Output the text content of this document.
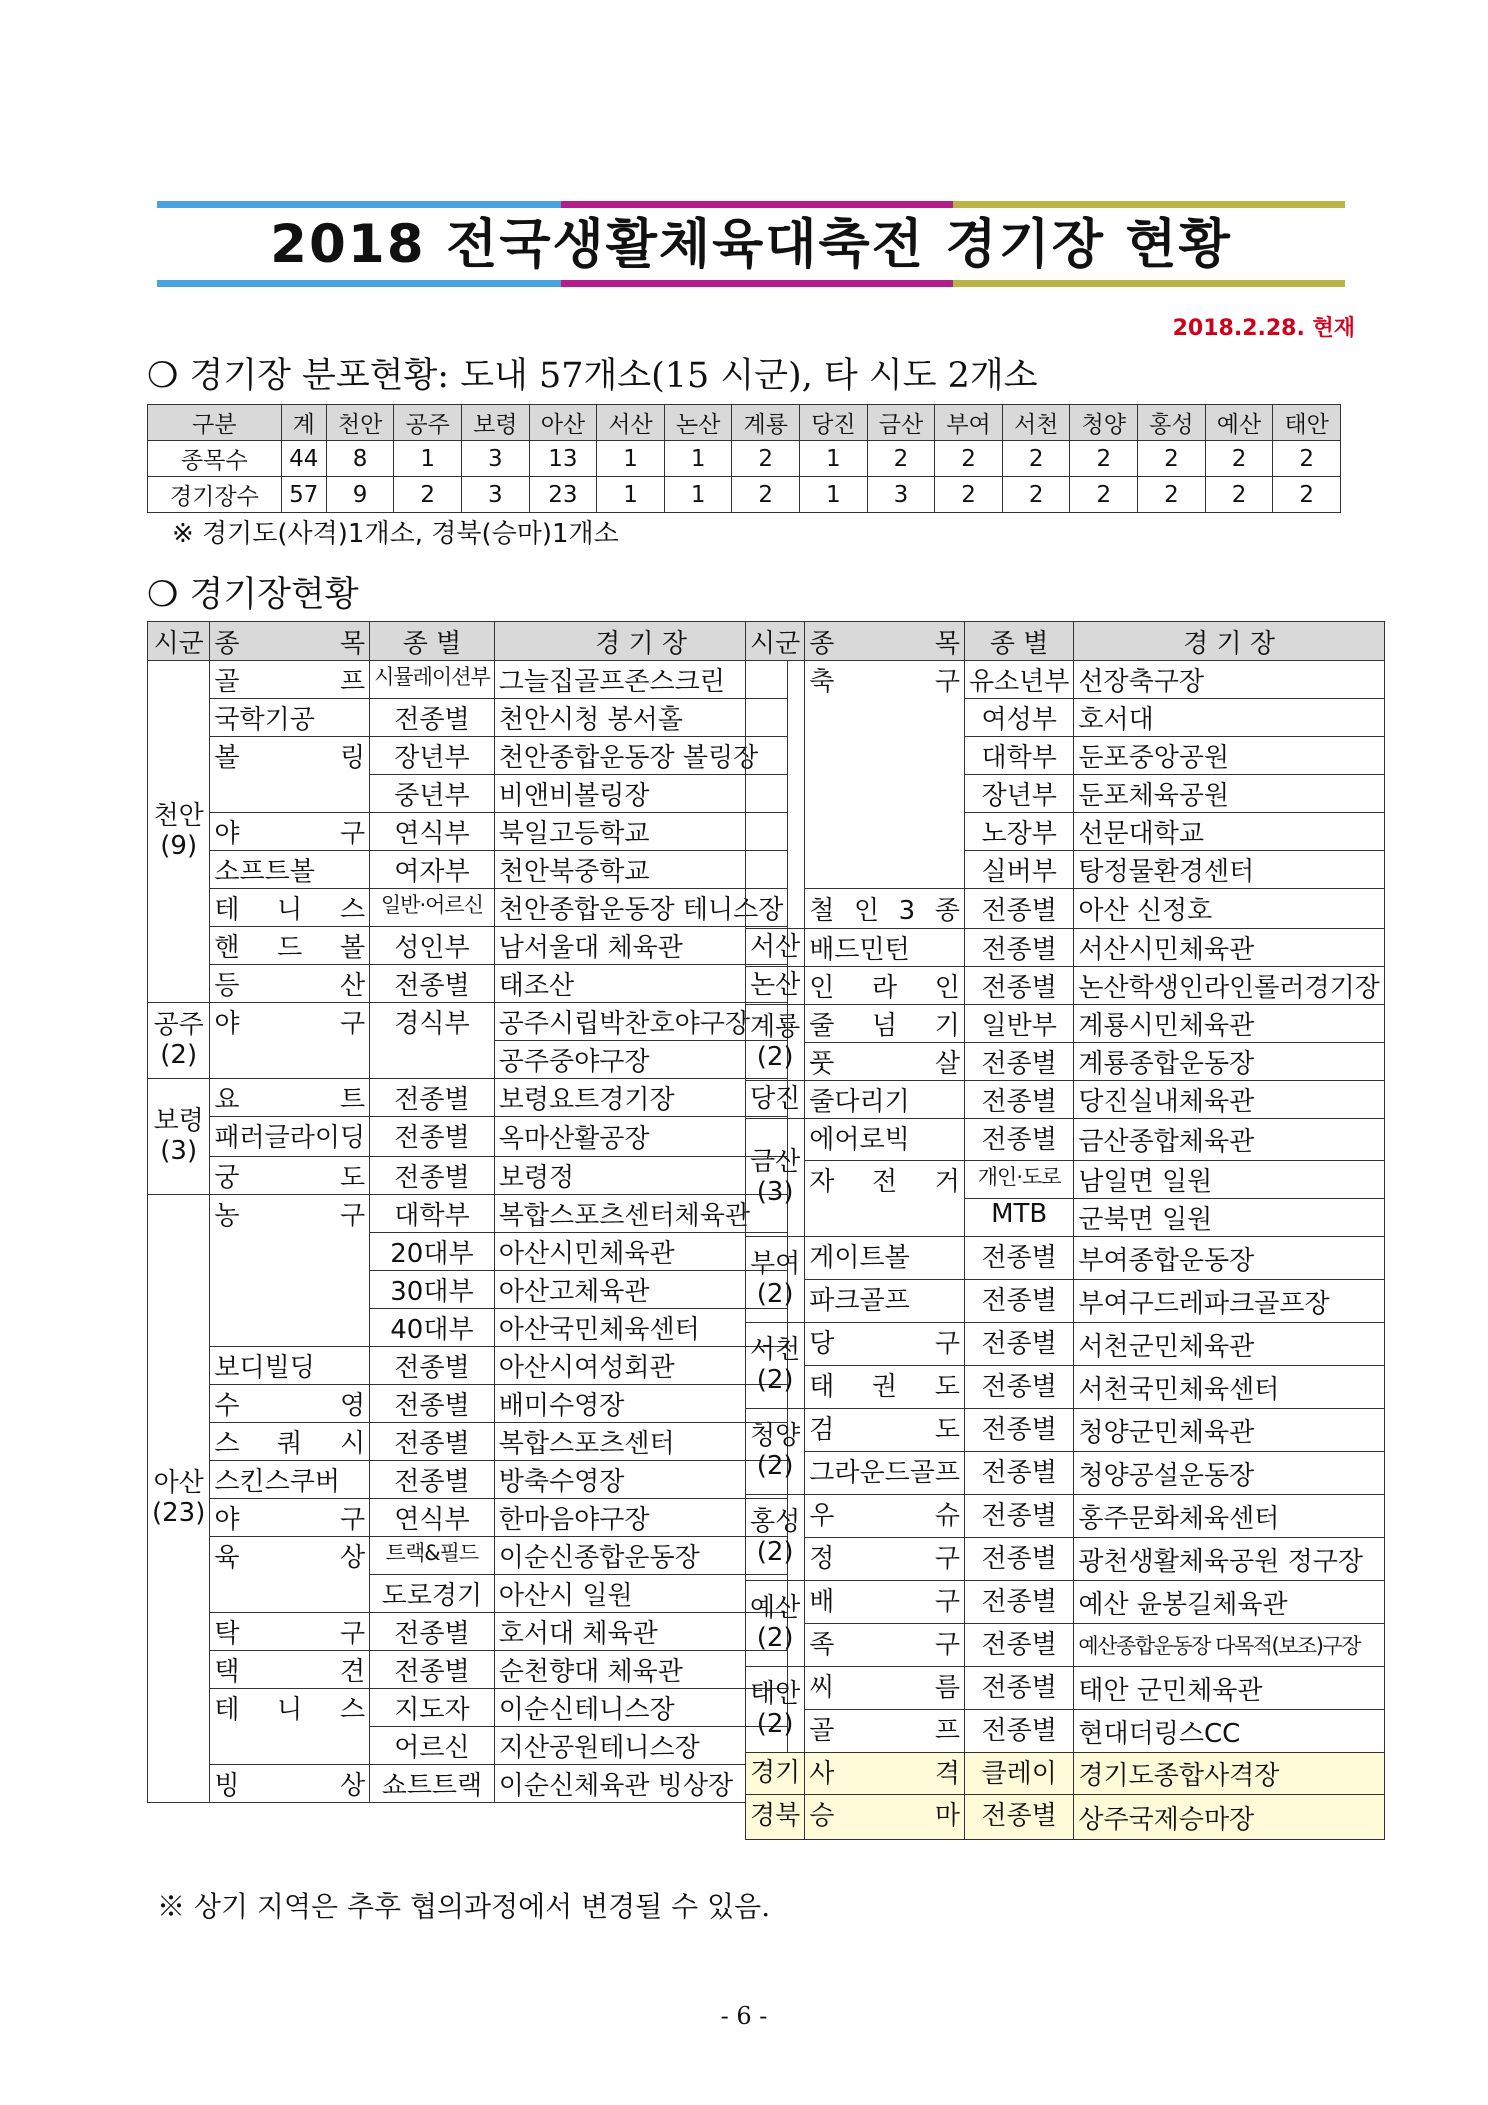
2018 전국생활체육대축전 경기장 현황
2018.2.28. 현재
❍ 경기장 분포현황: 도내 57개소(15 시군), 타 시도 2개소
구분	계	천안	공주	보령	아산	서산	논산	계룡	당진	금산	부여	서천	청양	홍성	예산	태안
종목수	44	8	1	3	13	1	1	2	1	2	2	2	2	2	2	2
경기장수	57	9	2	3	23	1	1	2	1	3	2	2	2	2	2	2
※ 경기도(사격)1개소, 경북(승마)1개소
❍ 경기장현황
시군	종 목	종 별	경 기 장
천안
(9)	골 프	시뮬레이션부	그늘집골프존스크린
	국학기공	전종별	천안시청 봉서홀
	볼 링	장년부	천안종합운동장 볼링장
		중년부	비앤비볼링장
	야 구	연식부	북일고등학교
	소프트볼	여자부	천안북중학교
	테 니 스	일반·어르신	천안종합운동장 테니스장
	핸 드 볼	성인부	남서울대 체육관
	등 산	전종별	태조산
공주
(2)	야 구	경식부	공주시립박찬호야구장
			공주중야구장
보령
(3)	요 트	전종별	보령요트경기장
	패러글라이딩	전종별	옥마산활공장
	궁 도	전종별	보령정
아산
(23)	농 구	대학부	복합스포츠센터체육관
		20대부	아산시민체육관
		30대부	아산고체육관
		40대부	아산국민체육센터
	보디빌딩	전종별	아산시여성회관
	수 영	전종별	배미수영장
	스 쿼 시	전종별	복합스포츠센터
	스킨스쿠버	전종별	방축수영장
	야 구	연식부	한마음야구장
	육 상	트랙&필드	이순신종합운동장
		도로경기	아산시 일원
	탁 구	전종별	호서대 체육관
	택 견	전종별	순천향대 체육관
	테 니 스	지도자	이순신테니스장
		어르신	지산공원테니스장
	빙 상	쇼트트랙	이순신체육관 빙상장
시군	종 목	종 별	경 기 장
	축 구	유소년부	선장축구장
		여성부	호서대
		대학부	둔포중앙공원
		장년부	둔포체육공원
		노장부	선문대학교
		실버부	탕정물환경센터
	철 인 3 종	전종별	아산 신정호
서산	배드민턴	전종별	서산시민체육관
논산	인 라 인	전종별	논산학생인라인롤러경기장
계룡
(2)	줄 넘 기	일반부	계룡시민체육관
	풋 살	전종별	계룡종합운동장
당진	줄다리기	전종별	당진실내체육관
금산
(3)	에어로빅	전종별	금산종합체육관
	자 전 거	개인·도로	남일면 일원
		MTB	군북면 일원
부여
(2)	게이트볼	전종별	부여종합운동장
	파크골프	전종별	부여구드레파크골프장
서천
(2)	당 구	전종별	서천군민체육관
	태 권 도	전종별	서천국민체육센터
청양
(2)	검 도	전종별	청양군민체육관
	그라운드골프	전종별	청양공설운동장
홍성
(2)	우 슈	전종별	홍주문화체육센터
	정 구	전종별	광천생활체육공원 정구장
예산
(2)	배 구	전종별	예산 윤봉길체육관
	족 구	전종별	예산종합운동장 다목적(보조)구장
태안
(2)	씨 름	전종별	태안 군민체육관
	골 프	전종별	현대더링스CC
경기	사 격	클레이	경기도종합사격장
경북	승 마	전종별	상주국제승마장
※ 상기 지역은 추후 협의과정에서 변경될 수 있음.
- 6 -
